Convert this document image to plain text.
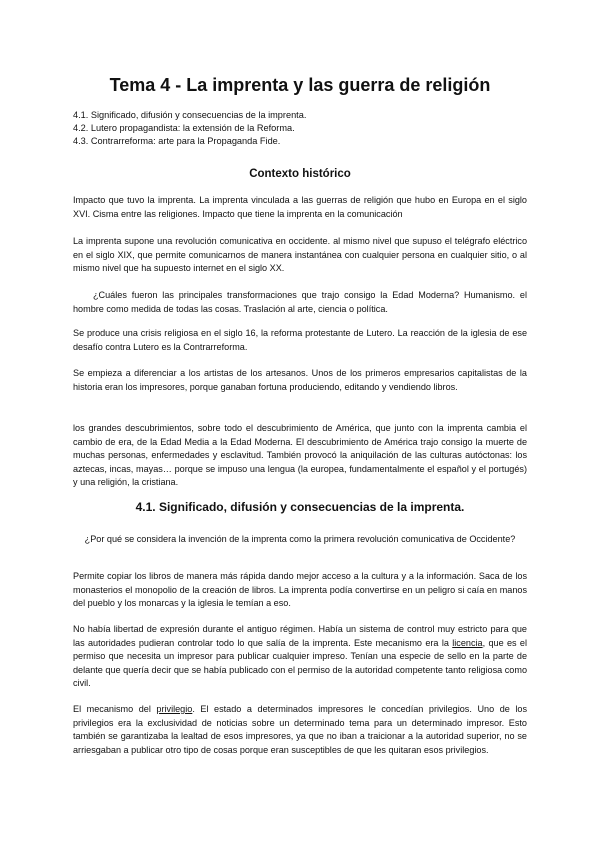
Tema 4 - La imprenta y las guerra de religión
4.1. Significado, difusión y consecuencias de la imprenta.
4.2. Lutero propagandista: la extensión de la Reforma.
4.3. Contrarreforma: arte para la Propaganda Fide.
Contexto histórico

Impacto que tuvo la imprenta. La imprenta vinculada a las guerras de religión que hubo en Europa en el siglo XVI. Cisma entre las religiones. Impacto que tiene la imprenta en la comunicación

La imprenta supone una revolución comunicativa en occidente. al mismo nivel que supuso el telégrafo eléctrico en el siglo XIX, que permite comunicarnos de manera instantánea con cualquier persona en cualquier sitio, o al mismo nivel que ha supuesto internet en el siglo XX.

¿Cuáles fueron las principales transformaciones que trajo consigo la Edad Moderna? Humanismo. el hombre como medida de todas las cosas. Traslación al arte, ciencia o política.

Se produce una crisis religiosa en el siglo 16, la reforma protestante de Lutero. La reacción de la iglesia de ese desafío contra Lutero es la Contrarreforma.

Se empieza a diferenciar a los artistas de los artesanos. Unos de los primeros empresarios capitalistas de la historia eran los impresores, porque ganaban fortuna produciendo, editando y vendiendo libros.

los grandes descubrimientos, sobre todo el descubrimiento de América, que junto con la imprenta cambia el cambio de era, de la Edad Media a la Edad Moderna. El descubrimiento de América trajo consigo la muerte de muchas personas, enfermedades y esclavitud. También provocó la aniquilación de las culturas autóctonas: los aztecas, incas, mayas… porque se impuso una lengua (la europea, fundamentalmente el español y el portugés) y una religión, la cristiana.

4.1. Significado, difusión y consecuencias de la imprenta.

¿Por qué se considera la invención de la imprenta como la primera revolución comunicativa de Occidente?

Permite copiar los libros de manera más rápida dando mejor acceso a la cultura y a la información. Saca de los monasterios el monopolio de la creación de libros. La imprenta podía convertirse en un peligro si caía en manos del pueblo y los monarcas y la iglesia le temían a eso.

No había libertad de expresión durante el antiguo régimen. Había un sistema de control muy estricto para que las autoridades pudieran controlar todo lo que salía de la imprenta. Este mecanismo era la licencia, que es el permiso que necesita un impresor para publicar cualquier impreso. Tenían una especie de sello en la parte de delante que quería decir que se había publicado con el permiso de la autoridad competente tanto religiosa como civil.

El mecanismo del privilegio. El estado a determinados impresores le concedían privilegios. Uno de los privilegios era la exclusividad de noticias sobre un determinado tema para un determinado impresor. Esto también se garantizaba la lealtad de esos impresores, ya que no iban a traicionar a la autoridad superior, no se arriesgaban a publicar otro tipo de cosas porque eran susceptibles de que les quitaran esos privilegios.
